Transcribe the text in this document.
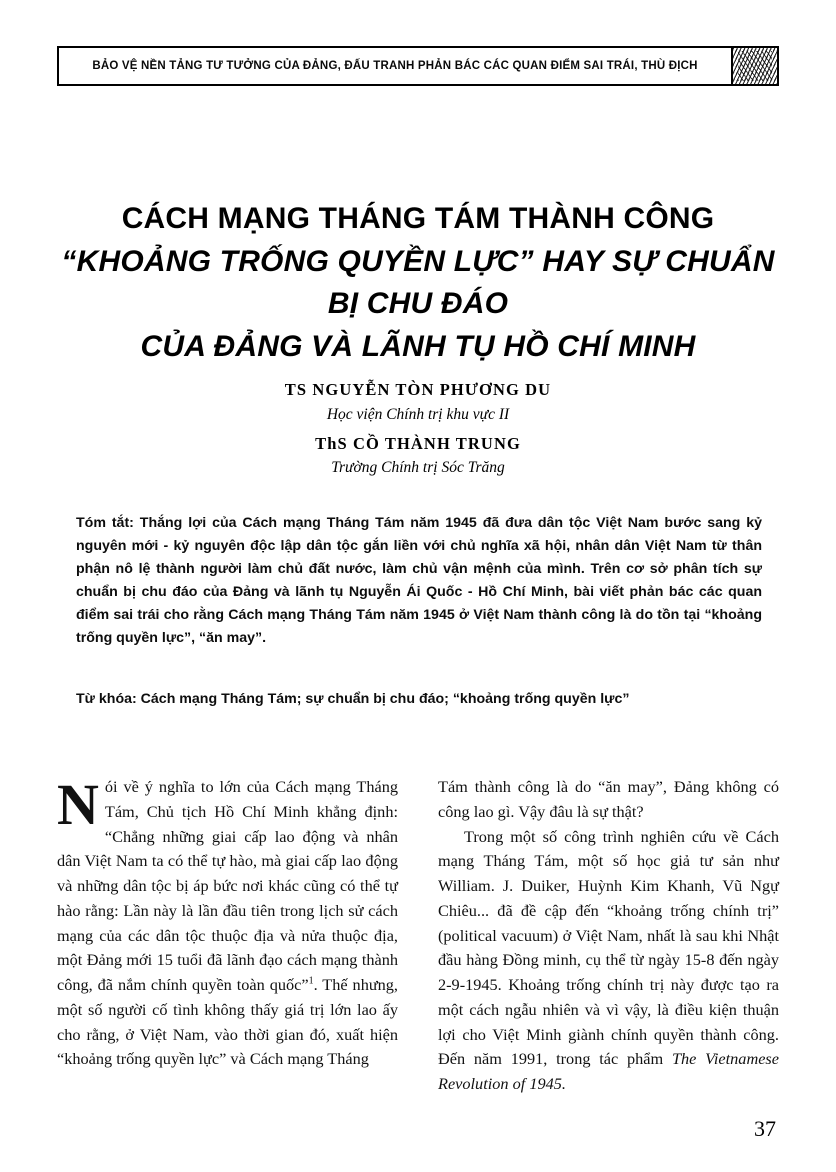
BẢO VỆ NỀN TẢNG TƯ TƯỞNG CỦA ĐẢNG, ĐẤU TRANH PHẢN BÁC CÁC QUAN ĐIỂM SAI TRÁI, THÙ ĐỊCH
CÁCH MẠNG THÁNG TÁM THÀNH CÔNG
“KHOẢNG TRỐNG QUYỀN LỰC” HAY SỰ CHUẨN BỊ CHU ĐÁO
CỦA ĐẢNG VÀ LÃNH TỤ HỒ CHÍ MINH
TS NGUYỄN TÒN PHƯƠNG DU
Học viện Chính trị khu vực II
ThS CỒ THÀNH TRUNG
Trường Chính trị Sóc Trăng
Tóm tắt: Thắng lợi của Cách mạng Tháng Tám năm 1945 đã đưa dân tộc Việt Nam bước sang kỷ nguyên mới - kỷ nguyên độc lập dân tộc gắn liền với chủ nghĩa xã hội, nhân dân Việt Nam từ thân phận nô lệ thành người làm chủ đất nước, làm chủ vận mệnh của mình. Trên cơ sở phân tích sự chuẩn bị chu đáo của Đảng và lãnh tụ Nguyễn Ái Quốc - Hồ Chí Minh, bài viết phản bác các quan điểm sai trái cho rằng Cách mạng Tháng Tám năm 1945 ở Việt Nam thành công là do tồn tại “khoảng trống quyền lực”, “ăn may”.
Từ khóa: Cách mạng Tháng Tám; sự chuẩn bị chu đáo; “khoảng trống quyền lực”

Nói về ý nghĩa to lớn của Cách mạng Tháng Tám, Chủ tịch Hồ Chí Minh khẳng định: “Chẳng những giai cấp lao động và nhân dân Việt Nam ta có thể tự hào, mà giai cấp lao động và những dân tộc bị áp bức nơi khác cũng có thể tự hào rằng: Lần này là lần đầu tiên trong lịch sử cách mạng của các dân tộc thuộc địa và nửa thuộc địa, một Đảng mới 15 tuổi đã lãnh đạo cách mạng thành công, đã nắm chính quyền toàn quốc”$^1$. Thế nhưng, một số người cố tình không thấy giá trị lớn lao ấy cho rằng, ở Việt Nam, vào thời gian đó, xuất hiện “khoảng trống quyền lực” và Cách mạng Tháng

Tám thành công là do “ăn may”, Đảng không có công lao gì. Vậy đâu là sự thật?

Trong một số công trình nghiên cứu về Cách mạng Tháng Tám, một số học giả tư sản như William. J. Duiker, Huỳnh Kim Khanh, Vũ Ngự Chiêu... đã đề cập đến “khoảng trống chính trị” (political vacuum) ở Việt Nam, nhất là sau khi Nhật đầu hàng Đồng minh, cụ thể từ ngày 15-8 đến ngày 2-9-1945. Khoảng trống chính trị này được tạo ra một cách ngẫu nhiên và vì vậy, là điều kiện thuận lợi cho Việt Minh giành chính quyền thành công. Đến năm 1991, trong tác phẩm The Vietnamese Revolution of 1945.

37
